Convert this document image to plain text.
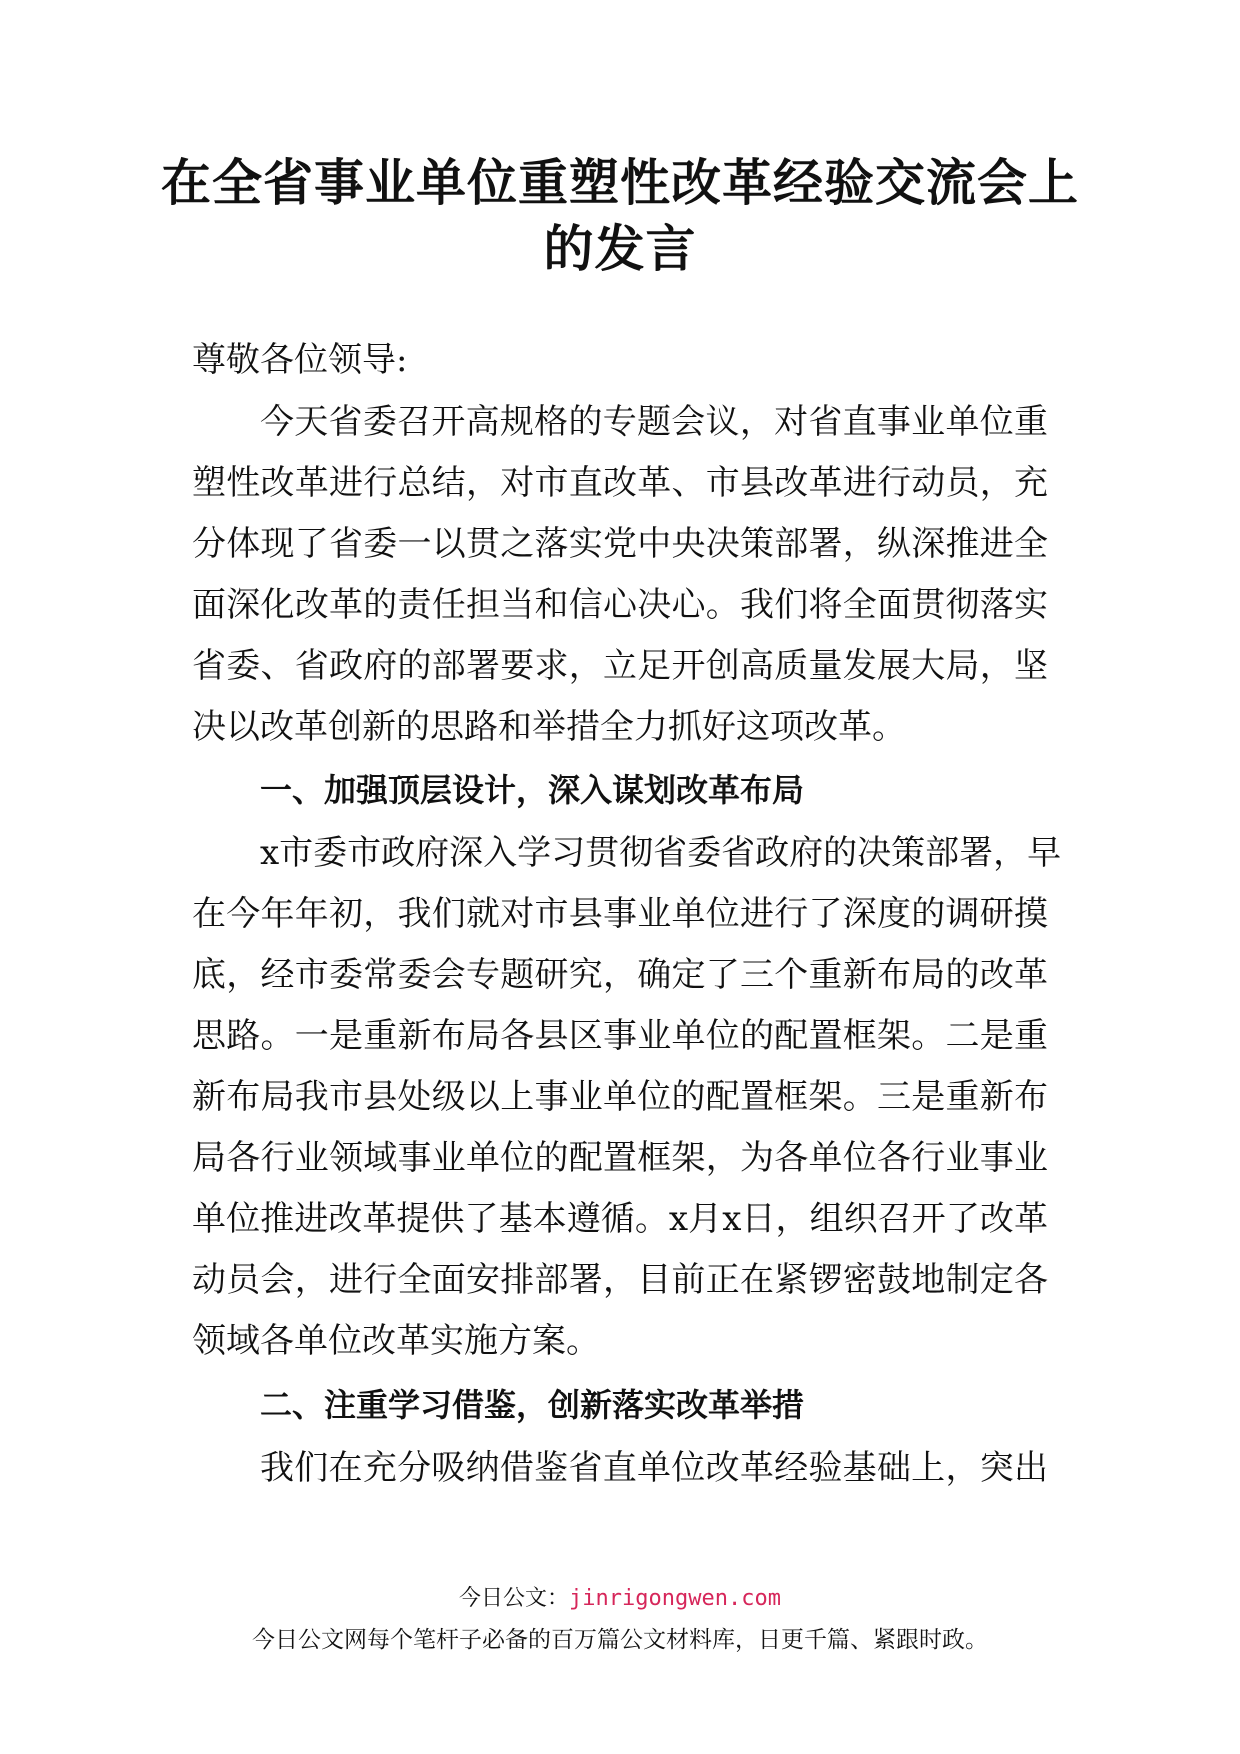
在全省事业单位重塑性改革经验交流会上
的发言
尊敬各位领导:
今天省委召开高规格的专题会议，对省直事业单位重
塑性改革进行总结，对市直改革、市县改革进行动员，充
分体现了省委一以贯之落实党中央决策部署，纵深推进全
面深化改革的责任担当和信心决心。我们将全面贯彻落实
省委、省政府的部署要求，立足开创高质量发展大局，坚
决以改革创新的思路和举措全力抓好这项改革。
一、加强顶层设计，深入谋划改革布局
x市委市政府深入学习贯彻省委省政府的决策部署，早
在今年年初，我们就对市县事业单位进行了深度的调研摸
底，经市委常委会专题研究，确定了三个重新布局的改革
思路。一是重新布局各县区事业单位的配置框架。二是重
新布局我市县处级以上事业单位的配置框架。三是重新布
局各行业领域事业单位的配置框架，为各单位各行业事业
单位推进改革提供了基本遵循。x月x日，组织召开了改革
动员会，进行全面安排部署，目前正在紧锣密鼓地制定各
领域各单位改革实施方案。
二、注重学习借鉴，创新落实改革举措
我们在充分吸纳借鉴省直单位改革经验基础上，突出
今日公文：jinrigongwen.com
今日公文网每个笔杆子必备的百万篇公文材料库，日更千篇、紧跟时政。
